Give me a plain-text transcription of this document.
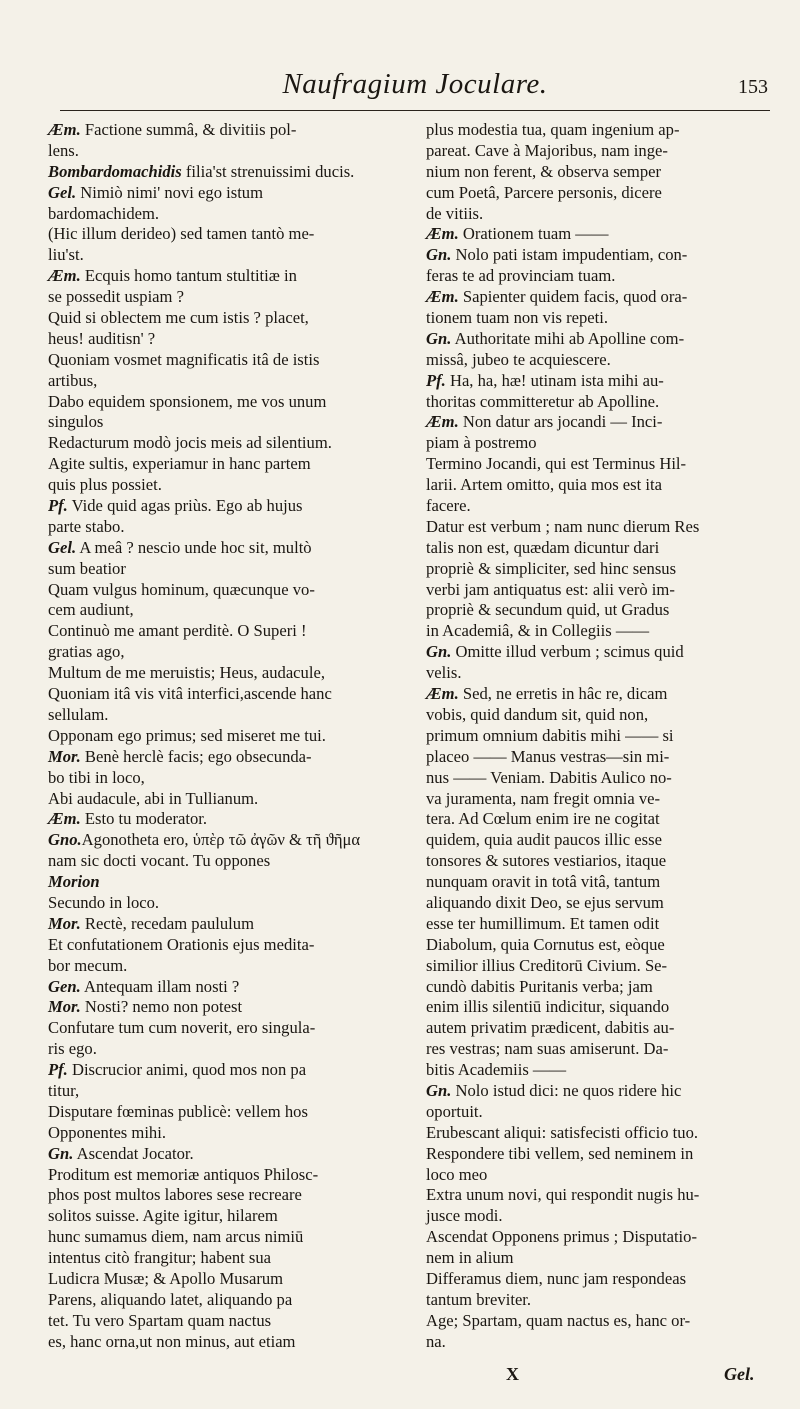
Naufragium Joculare.	153
Æm. Factione summâ, & divitiis pol-
lens.
Bombardomachidis filia'st strenuissimi ducis.
Gel. Nimiò nimi' novi ego istum
bardomachidem.
(Hic illum derideo) sed tamen tantò me-
liu'st.
Æm. Ecquis homo tantum stultitiæ in
se possedit uspiam ?
Quid si oblectem me cum istis ? placet,
heus! auditisn' ?
Quoniam vosmet magnificatis itâ de istis
artibus,
Dabo equidem sponsionem, me vos unum
singulos
Redacturum modò jocis meis ad silentium.
Agite sultis, experiamur in hanc partem
quis plus possiet.
Pf. Vide quid agas priùs. Ego ab hujus
parte stabo.
Gel. A meâ ? nescio unde hoc sit, multò
sum beatior
Quam vulgus hominum, quæcunque vo-
cem audiunt,
Continuò me amant perditè. O Superi !
gratias ago,
Multum de me meruistis; Heus, audacule,
Quoniam itâ vis vitâ interfici,ascende hanc
sellulam.
Opponam ego primus; sed miseret me tui.
Mor. Benè herclè facis; ego obsecunda-
bo tibi in loco,
Abi audacule, abi in Tullianum.
Æm. Esto tu moderator.
Gno.Agonotheta ero, ὑπὲρ τῶ ἀγῶν & τῆ ϑῆμα
nam sic docti vocant. Tu oppones
Morion
Secundo in loco.
Mor. Rectè, recedam paululum
Et confutationem Orationis ejus medita-
bor mecum.
Gen. Antequam illam nosti ?
Mor. Nosti? nemo non potest
Confutare tum cum noverit, ero singula-
ris ego.
Pf. Discrucior animi, quod mos non pa
titur,
Disputare fœminas publicè: vellem hos
Opponentes mihi.
Gn. Ascendat Jocator.
Proditum est memoriæ antiquos Philosc-
phos post multos labores sese recreare
solitos suisse. Agite igitur, hilarem
hunc sumamus diem, nam arcus nimiū
intentus citò frangitur; habent sua
Ludicra Musæ; & Apollo Musarum
Parens, aliquando latet, aliquando pa
tet. Tu vero Spartam quam nactus
es, hanc orna,ut non minus, aut etiam
plus modestia tua, quam ingenium ap-
pareat. Cave à Majoribus, nam inge-
nium non ferent, & observa semper
cum Poetâ, Parcere personis, dicere
de vitiis.
Æm. Orationem tuam ——
Gn. Nolo pati istam impudentiam, con-
feras te ad provinciam tuam.
Æm. Sapienter quidem facis, quod ora-
tionem tuam non vis repeti.
Gn. Authoritate mihi ab Apolline com-
missâ, jubeo te acquiescere.
Pf. Ha, ha, hæ! utinam ista mihi au-
thoritas committeretur ab Apolline.
Æm. Non datur ars jocandi — Inci-
piam à postremo
Termino Jocandi, qui est Terminus Hil-
larii. Artem omitto, quia mos est ita
facere.
Datur est verbum ; nam nunc dierum Res
talis non est, quædam dicuntur dari
propriè & simpliciter, sed hinc sensus
verbi jam antiquatus est: alii verò im-
propriè & secundum quid, ut Gradus
in Academiâ, & in Collegiis ——
Gn. Omitte illud verbum ; scimus quid
velis.
Æm. Sed, ne erretis in hâc re, dicam
vobis, quid dandum sit, quid non,
primum omnium dabitis mihi —— si
placeo —— Manus vestras—sin mi-
nus —— Veniam. Dabitis Aulico no-
va juramenta, nam fregit omnia ve-
tera. Ad Cœlum enim ire ne cogitat
quidem, quia audit paucos illic esse
tonsores & sutores vestiarios, itaque
nunquam oravit in totâ vitâ, tantum
aliquando dixit Deo, se ejus servum
esse ter humillimum. Et tamen odit
Diabolum, quia Cornutus est, eòque
similior illius Creditorū Civium. Se-
cundò dabitis Puritanis verba; jam
enim illis silentiū indicitur, siquando
autem privatim prædicent, dabitis au-
res vestras; nam suas amiserunt. Da-
bitis Academiis ——
Gn. Nolo istud dici: ne quos ridere hic
oportuit.
Erubescant aliqui: satisfecisti officio tuo.
Respondere tibi vellem, sed neminem in
loco meo
Extra unum novi, qui respondit nugis hu-
jusce modi.
Ascendat Opponens primus ; Disputatio-
nem in alium
Differamus diem, nunc jam respondeas
tantum breviter.
Age; Spartam, quam nactus es, hanc or-
na.
X	Gel.
